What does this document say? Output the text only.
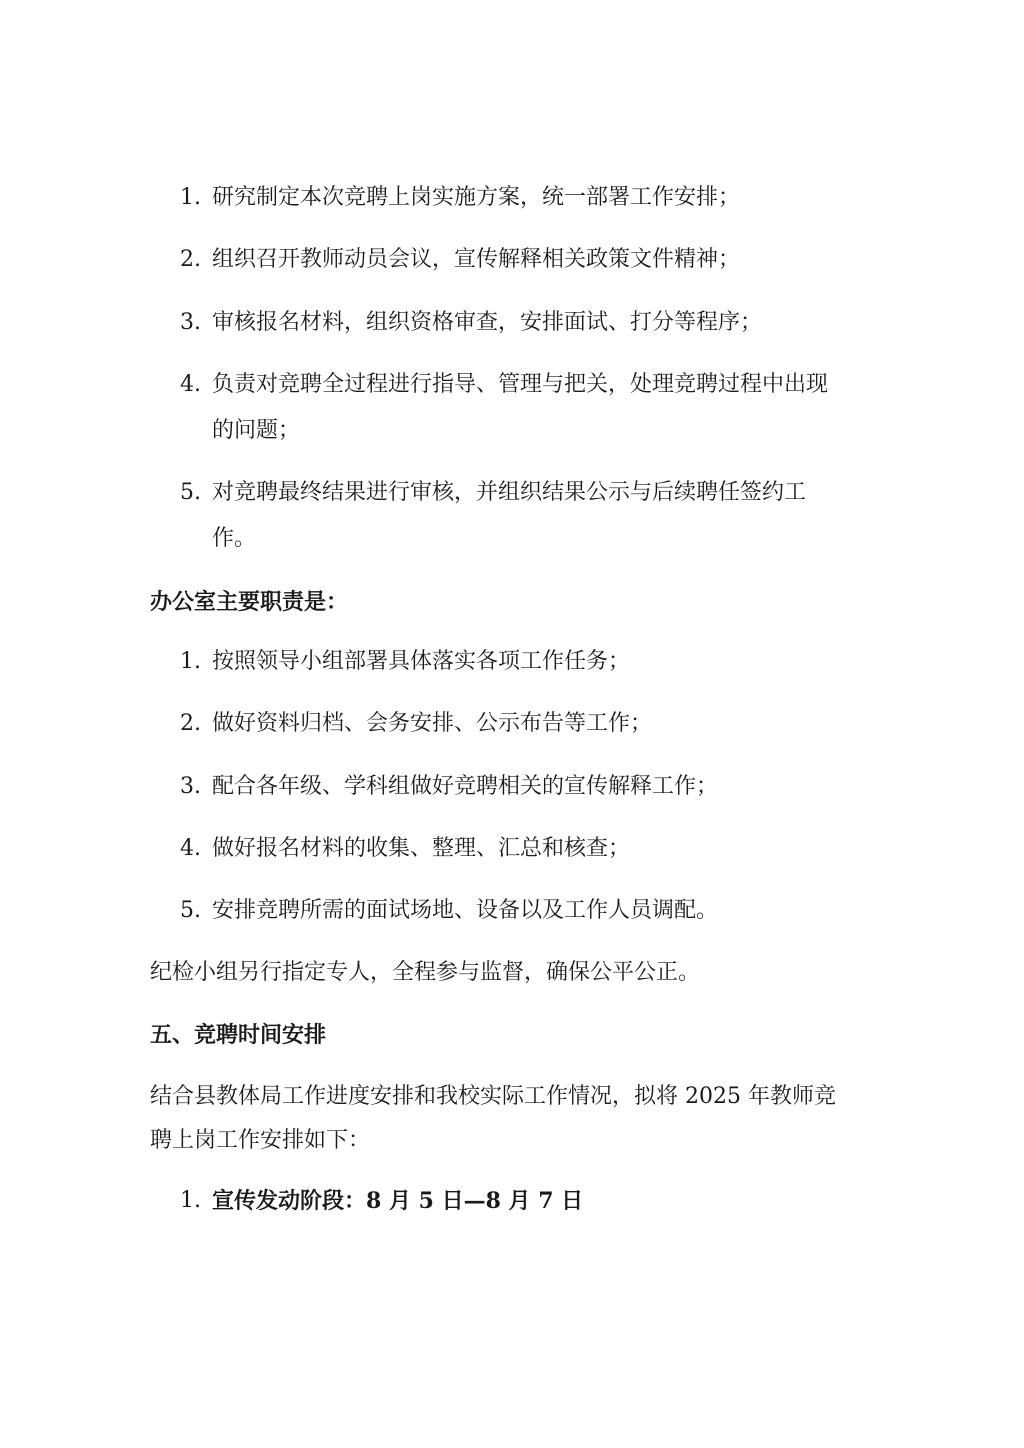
1. 研究制定本次竞聘上岗实施方案，统一部署工作安排；
2. 组织召开教师动员会议，宣传解释相关政策文件精神；
3. 审核报名材料，组织资格审查，安排面试、打分等程序；
4. 负责对竞聘全过程进行指导、管理与把关，处理竞聘过程中出现
的问题；
5. 对竞聘最终结果进行审核，并组织结果公示与后续聘任签约工
作。
办公室主要职责是：
1. 按照领导小组部署具体落实各项工作任务；
2. 做好资料归档、会务安排、公示布告等工作；
3. 配合各年级、学科组做好竞聘相关的宣传解释工作；
4. 做好报名材料的收集、整理、汇总和核查；
5. 安排竞聘所需的面试场地、设备以及工作人员调配。
纪检小组另行指定专人，全程参与监督，确保公平公正。
五、竞聘时间安排
结合县教体局工作进度安排和我校实际工作情况，拟将 2025 年教师竞
聘上岗工作安排如下：
1. 宣传发动阶段：8 月 5 日—8 月 7 日
